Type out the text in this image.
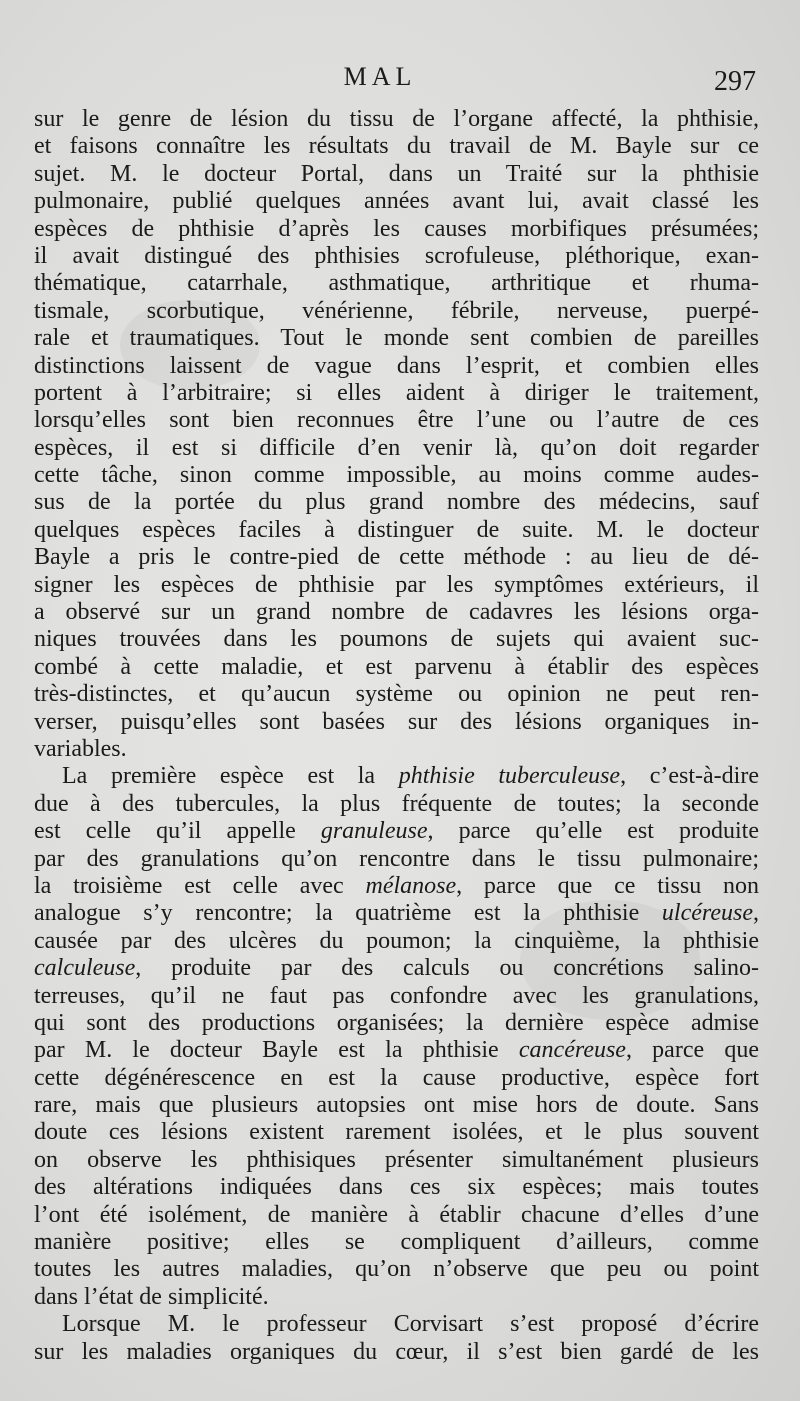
MAL	297
sur le genre de lésion du tissu de l’organe affecté, la phthisie,
et faisons connaître les résultats du travail de M. Bayle sur ce
sujet. M. le docteur Portal, dans un Traité sur la phthisie
pulmonaire, publié quelques années avant lui, avait classé les
espèces de phthisie d’après les causes morbifiques présumées;
il avait distingué des phthisies scrofuleuse, pléthorique, exan-
thématique, catarrhale, asthmatique, arthritique et rhuma-
tismale, scorbutique, vénérienne, fébrile, nerveuse, puerpé-
rale et traumatiques. Tout le monde sent combien de pareilles
distinctions laissent de vague dans l’esprit, et combien elles
portent à l’arbitraire; si elles aident à diriger le traitement,
lorsqu’elles sont bien reconnues être l’une ou l’autre de ces
espèces, il est si difficile d’en venir là, qu’on doit regarder
cette tâche, sinon comme impossible, au moins comme audes-
sus de la portée du plus grand nombre des médecins, sauf
quelques espèces faciles à distinguer de suite. M. le docteur
Bayle a pris le contre-pied de cette méthode : au lieu de dé-
signer les espèces de phthisie par les symptômes extérieurs, il
a observé sur un grand nombre de cadavres les lésions orga-
niques trouvées dans les poumons de sujets qui avaient suc-
combé à cette maladie, et est parvenu à établir des espèces
très-distinctes, et qu’aucun système ou opinion ne peut ren-
verser, puisqu’elles sont basées sur des lésions organiques in-
variables.
La première espèce est la phthisie tuberculeuse, c’est-à-dire
due à des tubercules, la plus fréquente de toutes; la seconde
est celle qu’il appelle granuleuse, parce qu’elle est produite
par des granulations qu’on rencontre dans le tissu pulmonaire;
la troisième est celle avec mélanose, parce que ce tissu non
analogue s’y rencontre; la quatrième est la phthisie ulcéreuse,
causée par des ulcères du poumon; la cinquième, la phthisie
calculeuse, produite par des calculs ou concrétions salino-
terreuses, qu’il ne faut pas confondre avec les granulations,
qui sont des productions organisées; la dernière espèce admise
par M. le docteur Bayle est la phthisie cancéreuse, parce que
cette dégénérescence en est la cause productive, espèce fort
rare, mais que plusieurs autopsies ont mise hors de doute. Sans
doute ces lésions existent rarement isolées, et le plus souvent
on observe les phthisiques présenter simultanément plusieurs
des altérations indiquées dans ces six espèces; mais toutes
l’ont été isolément, de manière à établir chacune d’elles d’une
manière positive; elles se compliquent d’ailleurs, comme
toutes les autres maladies, qu’on n’observe que peu ou point
dans l’état de simplicité.
Lorsque M. le professeur Corvisart s’est proposé d’écrire
sur les maladies organiques du cœur, il s’est bien gardé de les
